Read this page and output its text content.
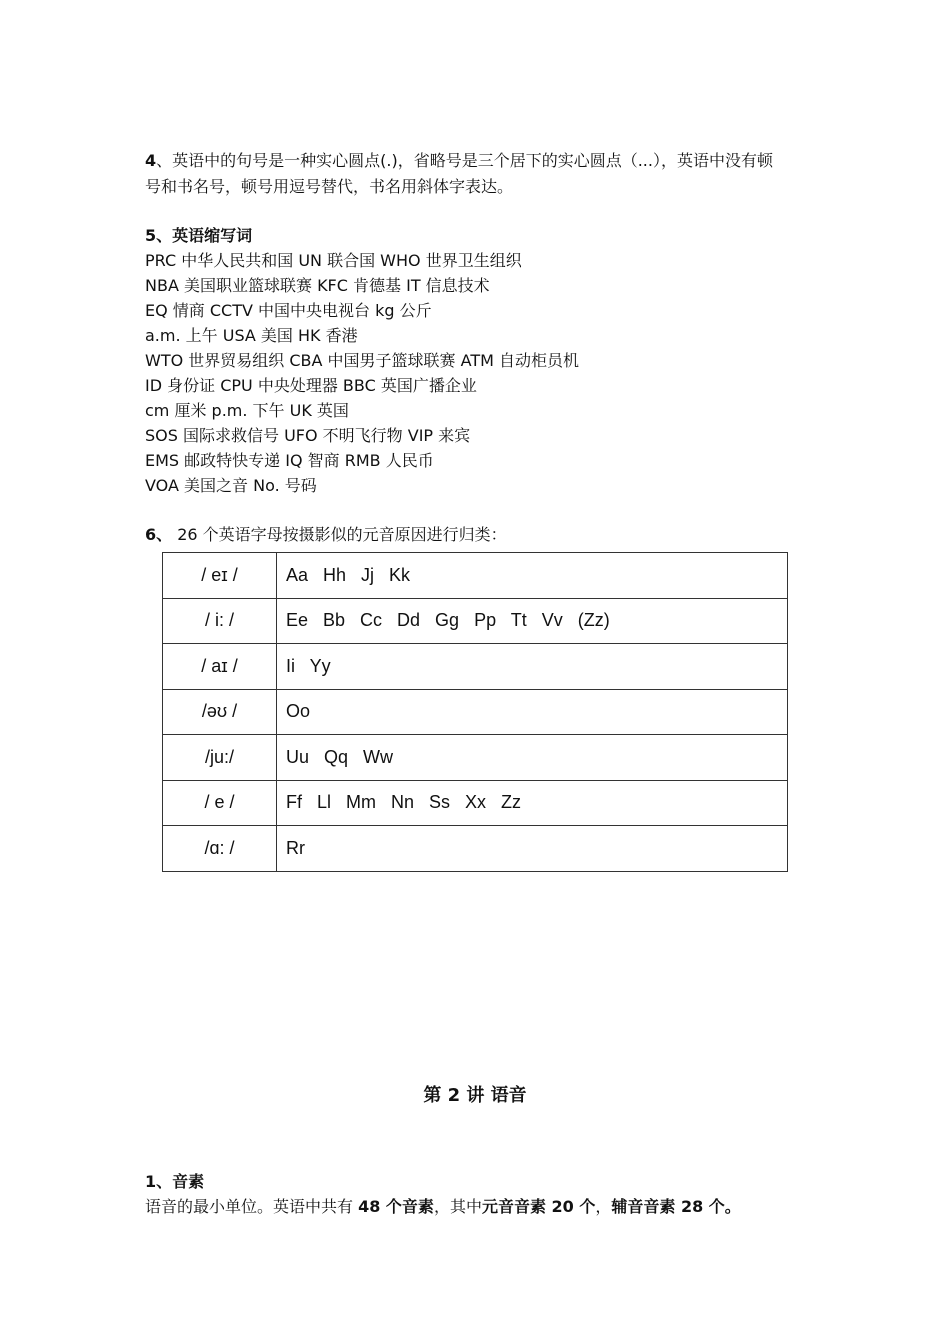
4、英语中的句号是一种实心圆点(.)，省略号是三个居下的实心圆点（...），英语中没有顿
号和书名号，顿号用逗号替代，书名用斜体字表达。
5、英语缩写词
PRC 中华人民共和国 UN 联合国 WHO 世界卫生组织
NBA 美国职业篮球联赛 KFC 肯德基 IT 信息技术
EQ 情商 CCTV 中国中央电视台 kg 公斤
a.m. 上午 USA 美国 HK 香港
WTO 世界贸易组织 CBA 中国男子篮球联赛 ATM 自动柜员机
ID 身份证 CPU 中央处理器 BBC 英国广播企业
cm 厘米 p.m. 下午 UK 英国
SOS 国际求救信号 UFO 不明飞行物 VIP 来宾
EMS 邮政特快专递 IQ 智商 RMB 人民币
VOA 美国之音 No. 号码
6、 26 个英语字母按摄影似的元音原因进行归类：
/ eɪ /	Aa   Hh   Jj   Kk
/ i: /	Ee   Bb   Cc   Dd   Gg   Pp   Tt   Vv   (Zz)
/ aɪ /	Ii   Yy
/əʊ /	Oo
/ju:/	Uu   Qq   Ww
/ e /	Ff   Ll   Mm   Nn   Ss   Xx   Zz
/ɑ: /	Rr
第 2 讲 语音
1、音素
语音的最小单位。英语中共有 48 个音素，其中元音音素 20 个，辅音音素 28 个。
